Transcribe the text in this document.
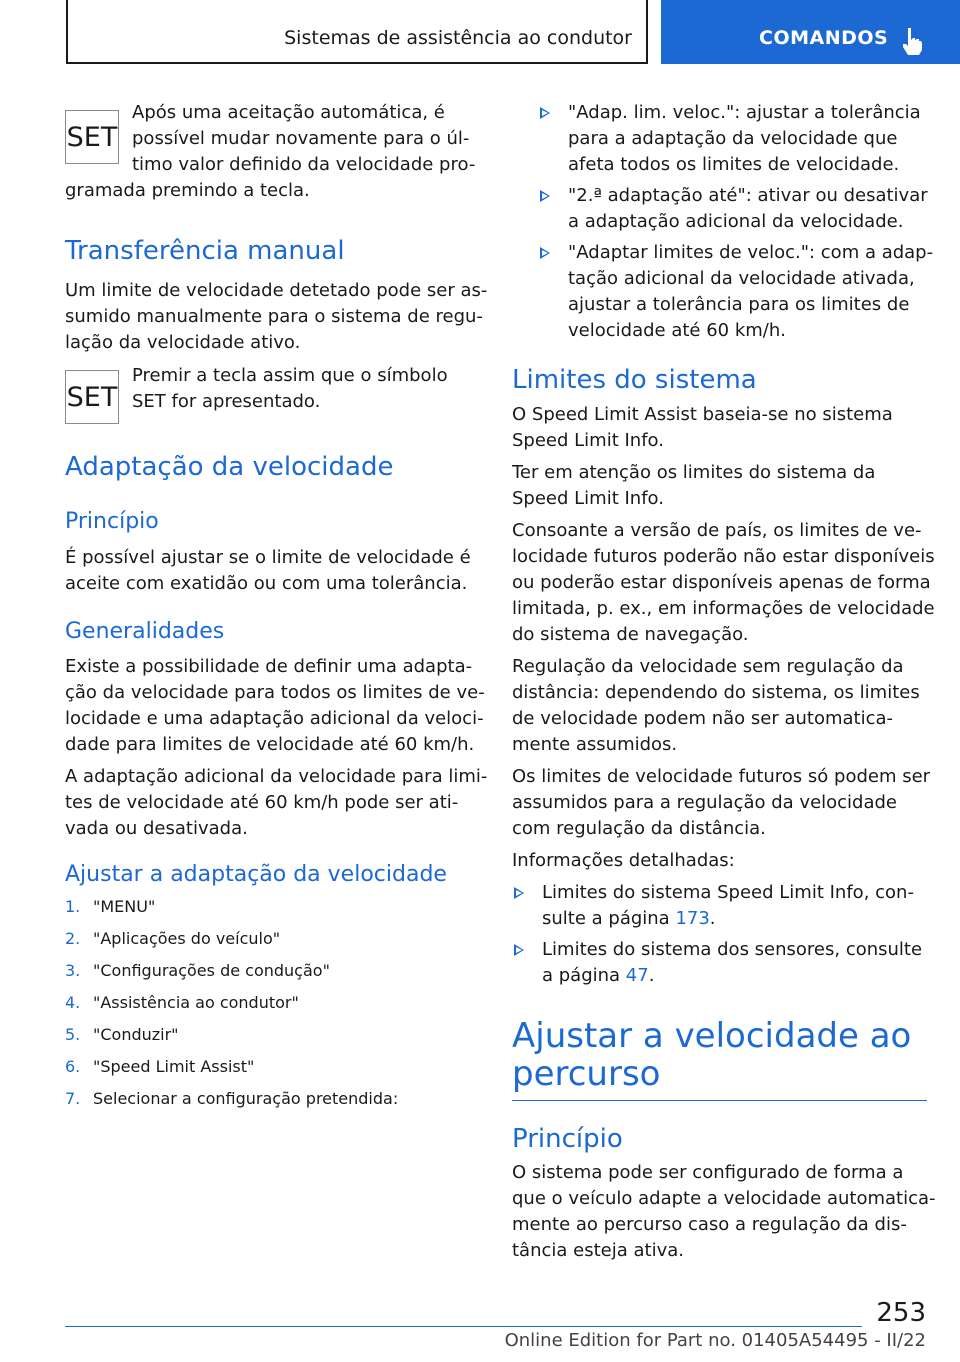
Sistemas de assistência ao condutor	COMANDOS
SET

Após uma aceitação automática, é

possível mudar novamente para o úl-

timo valor definido da velocidade pro-

gramada premindo a tecla.

Transferência manual

Um limite de velocidade detetado pode ser as-

sumido manualmente para o sistema de regu-

lação da velocidade ativo.

SET

Premir a tecla assim que o símbolo

SET for apresentado.

Adaptação da velocidade
Princípio

É possível ajustar se o limite de velocidade é

aceite com exatidão ou com uma tolerância.

Generalidades

Existe a possibilidade de definir uma adapta-

ção da velocidade para todos os limites de ve-

locidade e uma adaptação adicional da veloci-

dade para limites de velocidade até 60 km/h.

A adaptação adicional da velocidade para limi-

tes de velocidade até 60 km/h pode ser ati-

vada ou desativada.

Ajustar a adaptação da velocidade
1. "MENU"
2. "Aplicações do veículo"
3. "Configurações de condução"
4. "Assistência ao condutor"
5. "Conduzir"
6. "Speed Limit Assist"
7. Selecionar a configuração pretendida:

"Adap. lim. veloc.": ajustar a tolerância

para a adaptação da velocidade que

afeta todos os limites de velocidade.

"2.ª adaptação até": ativar ou desativar

a adaptação adicional da velocidade.

"Adaptar limites de veloc.": com a adap-

tação adicional da velocidade ativada,

ajustar a tolerância para os limites de

velocidade até 60 km/h.

Limites do sistema

O Speed Limit Assist baseia-se no sistema

Speed Limit Info.

Ter em atenção os limites do sistema da

Speed Limit Info.

Consoante a versão de país, os limites de ve-

locidade futuros poderão não estar disponíveis

ou poderão estar disponíveis apenas de forma

limitada, p. ex., em informações de velocidade

do sistema de navegação.

Regulação da velocidade sem regulação da

distância: dependendo do sistema, os limites

de velocidade podem não ser automatica-

mente assumidos.

Os limites de velocidade futuros só podem ser

assumidos para a regulação da velocidade

com regulação da distância.

Informações detalhadas:

Limites do sistema Speed Limit Info, con-

sulte a página 173.

Limites do sistema dos sensores, consulte

a página 47.

Ajustar a velocidade ao
percurso
Princípio

O sistema pode ser configurado de forma a

que o veículo adapte a velocidade automatica-

mente ao percurso caso a regulação da dis-

tância esteja ativa.

253
Online Edition for Part no. 01405A54495 - II/22
